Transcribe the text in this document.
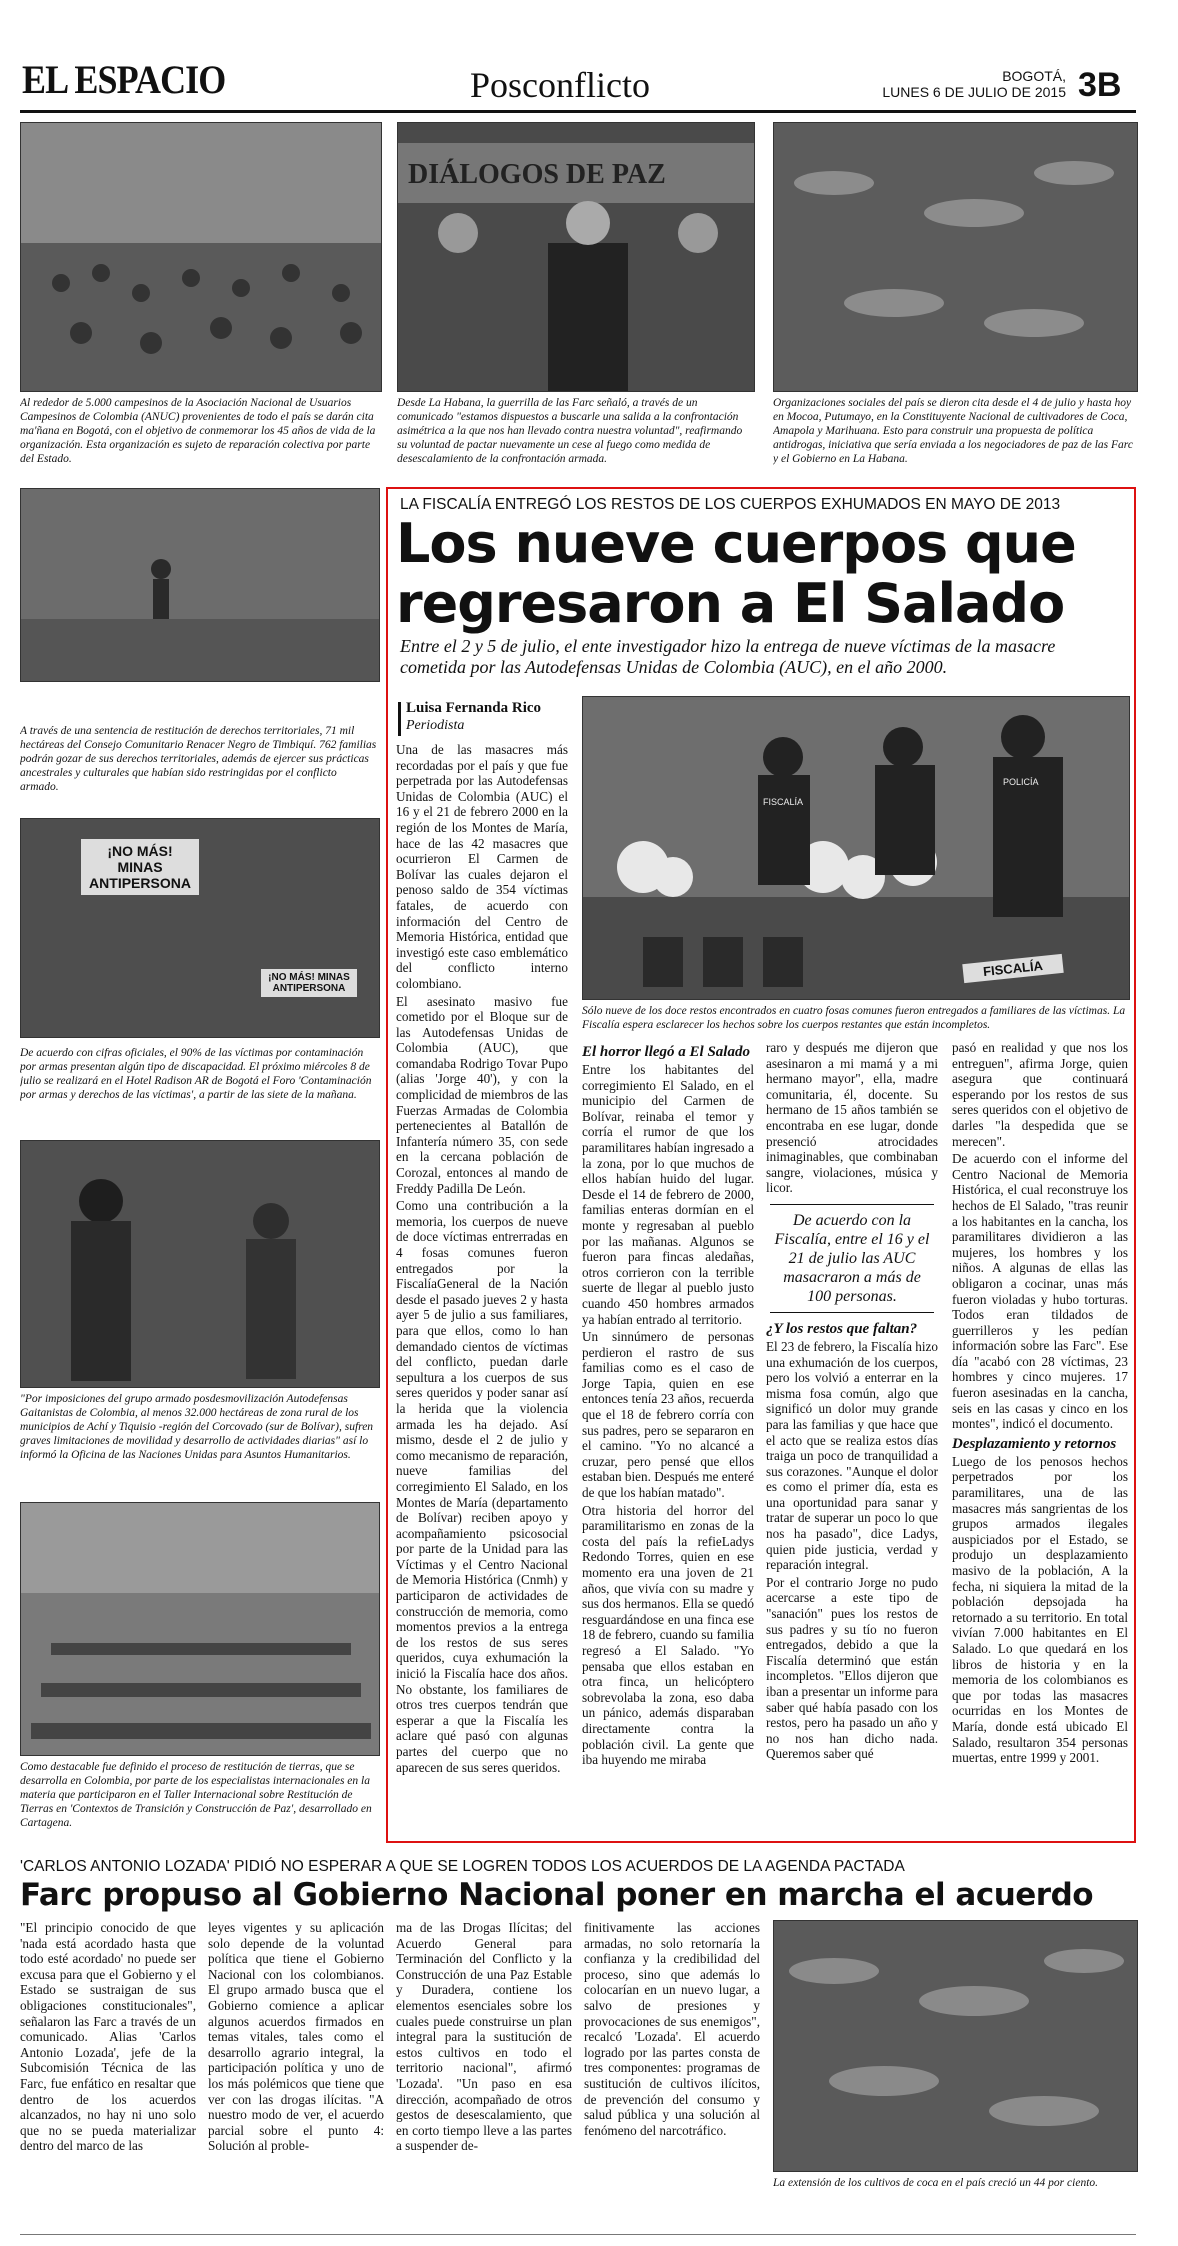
EL ESPACIO	Posconflicto	BOGOTÁ,
LUNES 6 DE JULIO DE 2015 3B
DIÁLOGOS DE PAZ
Al rededor de 5.000 campesinos de la Asociación Nacional de Usuarios Campesinos de Colombia (ANUC) provenientes de todo el país se darán cita ma'ñana en Bogotá, con el objetivo de conmemorar los 45 años de vida de la organización. Esta organización es sujeto de reparación colectiva por parte del Estado.
Desde La Habana, la guerrilla de las Farc señaló, a través de un comunicado "estamos dispuestos a buscarle una salida a la confrontación asimétrica a la que nos han llevado contra nuestra voluntad", reafirmando su voluntad de pactar nuevamente un cese al fuego como medida de desescalamiento de la confrontación armada.
Organizaciones sociales del país se dieron cita desde el 4 de julio y hasta hoy en Mocoa, Putumayo, en la Constituyente Nacional de cultivadores de Coca, Amapola y Marihuana. Esto para construir una propuesta de política antidrogas, iniciativa que sería enviada a los negociadores de paz de las Farc y el Gobierno en La Habana.
A través de una sentencia de restitución de derechos territoriales, 71 mil hectáreas del Consejo Comunitario Renacer Negro de Timbiquí. 762 familias podrán gozar de sus derechos territoriales, además de ejercer sus prácticas ancestrales y culturales que habían sido restringidas por el conflicto armado.
¡NO MÁS! MINAS ANTIPERSONA
¡NO MÁS! MINAS ANTIPERSONA
De acuerdo con cifras oficiales, el 90% de las víctimas por contaminación por armas presentan algún tipo de discapacidad. El próximo miércoles 8 de julio se realizará en el Hotel Radison AR de Bogotá el Foro 'Contaminación por armas y derechos de las víctimas', a partir de las siete de la mañana.
"Por imposiciones del grupo armado posdesmovilización Autodefensas Gaitanistas de Colombia, al menos 32.000 hectáreas de zona rural de los municipios de Achí y Tiquisio -región del Corcovado (sur de Bolívar), sufren graves limitaciones de movilidad y desarrollo de actividades diarias" así lo informó la Oficina de las Naciones Unidas para Asuntos Humanitarios.
Como destacable fue definido el proceso de restitución de tierras, que se desarrolla en Colombia, por parte de los especialistas internacionales en la materia que participaron en el Taller Internacional sobre Restitución de Tierras en 'Contextos de Transición y Construcción de Paz', desarrollado en Cartagena.
LA FISCALÍA ENTREGÓ LOS RESTOS DE LOS CUERPOS EXHUMADOS EN MAYO DE 2013
Los nueve cuerpos que
regresaron a El Salado
Entre el 2 y 5 de julio, el ente investigador hizo la entrega de nueve víctimas de la masacre cometida por las Autodefensas Unidas de Colombia (AUC), en el año 2000.
Luisa Fernanda Rico
Periodista
FISCALÍA
POLICÍA
FISCALÍA
Sólo nueve de los doce restos encontrados en cuatro fosas comunes fueron entregados a familiares de las víctimas. La Fiscalía espera esclarecer los hechos sobre los cuerpos restantes que están incompletos.

Una de las masacres más recordadas por el país y que fue perpetrada por las Autodefensas Unidas de Colombia (AUC) el 16 y el 21 de febrero 2000 en la región de los Montes de María, hace de las 42 masacres que ocurrieron El Carmen de Bolívar las cuales dejaron el penoso saldo de 354 víctimas fatales, de acuerdo con información del Centro de Memoria Histórica, entidad que investigó este caso emblemático del conflicto interno colombiano.

El asesinato masivo fue cometido por el Bloque sur de las Autodefensas Unidas de Colombia (AUC), que comandaba Rodrigo Tovar Pupo (alias 'Jorge 40'), y con la complicidad de miembros de las Fuerzas Armadas de Colombia pertenecientes al Batallón de Infantería número 35, con sede en la cercana población de Corozal, entonces al mando de Freddy Padilla De León.

Como una contribución a la memoria, los cuerpos de nueve de doce víctimas entrerradas en 4 fosas comunes fueron entregados por la FiscalíaGeneral de la Nación desde el pasado jueves 2 y hasta ayer 5 de julio a sus familiares, para que ellos, como lo han demandado cientos de víctimas del conflicto, puedan darle sepultura a los cuerpos de sus seres queridos y poder sanar así la herida que la violencia armada les ha dejado. Así mismo, desde el 2 de julio y como mecanismo de reparación, nueve familias del corregimiento El Salado, en los Montes de María (departamento de Bolívar) reciben apoyo y acompañamiento psicosocial por parte de la Unidad para las Víctimas y el Centro Nacional de Memoria Histórica (Cnmh) y participaron de actividades de construcción de memoria, como momentos previos a la entrega de los restos de sus seres queridos, cuya exhumación la inició la Fiscalía hace dos años. No obstante, los familiares de otros tres cuerpos tendrán que esperar a que la Fiscalía les aclare qué pasó con algunas partes del cuerpo que no aparecen de sus seres queridos.

El horror llegó a El Salado

Entre los habitantes del corregimiento El Salado, en el municipio del Carmen de Bolívar, reinaba el temor y corría el rumor de que los paramilitares habían ingresado a la zona, por lo que muchos de ellos habían huido del lugar. Desde el 14 de febrero de 2000, familias enteras dormían en el monte y regresaban al pueblo por las mañanas. Algunos se fueron para fincas aledañas, otros corrieron con la terrible suerte de llegar al pueblo justo cuando 450 hombres armados ya habían entrado al territorio.

Un sinnúmero de personas perdieron el rastro de sus familias como es el caso de Jorge Tapia, quien en ese entonces tenía 23 años, recuerda que el 18 de febrero corría con sus padres, pero se separaron en el camino. "Yo no alcancé a cruzar, pero pensé que ellos estaban bien. Después me enteré de que los habían matado".

Otra historia del horror del paramilitarismo en zonas de la costa del país la refieLadys Redondo Torres, quien en ese momento era una joven de 21 años, que vivía con su madre y sus dos hermanos. Ella se quedó resguardándose en una finca ese 18 de febrero, cuando su familia regresó a El Salado. "Yo pensaba que ellos estaban en otra finca, un helicóptero sobrevolaba la zona, eso daba un pánico, además disparaban directamente contra la población civil. La gente que iba huyendo me miraba

raro y después me dijeron que asesinaron a mi mamá y a mi hermano mayor", ella, madre comunitaria, él, docente. Su hermano de 15 años también se encontraba en ese lugar, donde presenció atrocidades inimaginables, que combinaban sangre, violaciones, música y licor.

De acuerdo con la Fiscalía, entre el 16 y el 21 de julio las AUC masacraron a más de 100 personas.
¿Y los restos que faltan?

El 23 de febrero, la Fiscalía hizo una exhumación de los cuerpos, pero los volvió a enterrar en la misma fosa común, algo que significó un dolor muy grande para las familias y que hace que el acto que se realiza estos días traiga un poco de tranquilidad a sus corazones. "Aunque el dolor es como el primer día, esta es una oportunidad para sanar y tratar de superar un poco lo que nos ha pasado", dice Ladys, quien pide justicia, verdad y reparación integral.

Por el contrario Jorge no pudo acercarse a este tipo de "sanación" pues los restos de sus padres y su tío no fueron entregados, debido a que la Fiscalía determinó que están incompletos. "Ellos dijeron que iban a presentar un informe para saber qué había pasado con los restos, pero ha pasado un año y no nos han dicho nada. Queremos saber qué

pasó en realidad y que nos los entreguen", afirma Jorge, quien asegura que continuará esperando por los restos de sus seres queridos con el objetivo de darles "la despedida que se merecen".

De acuerdo con el informe del Centro Nacional de Memoria Histórica, el cual reconstruye los hechos de El Salado, "tras reunir a los habitantes en la cancha, los paramilitares dividieron a las mujeres, los hombres y los niños. A algunas de ellas las obligaron a cocinar, unas más fueron violadas y hubo torturas. Todos eran tildados de guerrilleros y les pedían información sobre las Farc". Ese día "acabó con 28 víctimas, 23 hombres y cinco mujeres. 17 fueron asesinadas en la cancha, seis en las casas y cinco en los montes", indicó el documento.

Desplazamiento y retornos

Luego de los penosos hechos perpetrados por los paramilitares, una de las masacres más sangrientas de los grupos armados ilegales auspiciados por el Estado, se produjo un desplazamiento masivo de la población, A la fecha, ni siquiera la mitad de la población depsojada ha retornado a su territorio. En total vivían 7.000 habitantes en El Salado. Lo que quedará en los libros de historia y en la memoria de los colombianos es que por todas las masacres ocurridas en los Montes de María, donde está ubicado El Salado, resultaron 354 personas muertas, entre 1999 y 2001.

'CARLOS ANTONIO LOZADA' PIDIÓ NO ESPERAR A QUE SE LOGREN TODOS LOS ACUERDOS DE LA AGENDA PACTADA
Farc propuso al Gobierno Nacional poner en marcha el acuerdo
"El principio conocido de que 'nada está acordado hasta que todo esté acordado' no puede ser excusa para que el Gobierno y el Estado se sustraigan de sus obligaciones constitucionales", señalaron las Farc a través de un comunicado. Alias 'Carlos Antonio Lozada', jefe de la Subcomisión Técnica de las Farc, fue enfático en resaltar que dentro de los acuerdos alcanzados, no hay ni uno solo que no se pueda materializar dentro del marco de las
leyes vigentes y su aplicación solo depende de la voluntad política que tiene el Gobierno Nacional con los colombianos. El grupo armado busca que el Gobierno comience a aplicar algunos acuerdos firmados en temas vitales, tales como el desarrollo agrario integral, la participación política y uno de los más polémicos que tiene que ver con las drogas ilícitas. "A nuestro modo de ver, el acuerdo parcial sobre el punto 4: Solución al proble-
ma de las Drogas Ilícitas; del Acuerdo General para Terminación del Conflicto y la Construcción de una Paz Estable y Duradera, contiene los elementos esenciales sobre los cuales puede construirse un plan integral para la sustitución de estos cultivos en todo el territorio nacional", afirmó 'Lozada'. "Un paso en esa dirección, acompañado de otros gestos de desescalamiento, que en corto tiempo lleve a las partes a suspender de-
finitivamente las acciones armadas, no solo retornaría la confianza y la credibilidad del proceso, sino que además lo colocarían en un nuevo lugar, a salvo de presiones y provocaciones de sus enemigos", recalcó 'Lozada'. El acuerdo logrado por las partes consta de tres componentes: programas de sustitución de cultivos ilícitos, de prevención del consumo y salud pública y una solución al fenómeno del narcotráfico.
La extensión de los cultivos de coca en el país creció un 44 por ciento.
